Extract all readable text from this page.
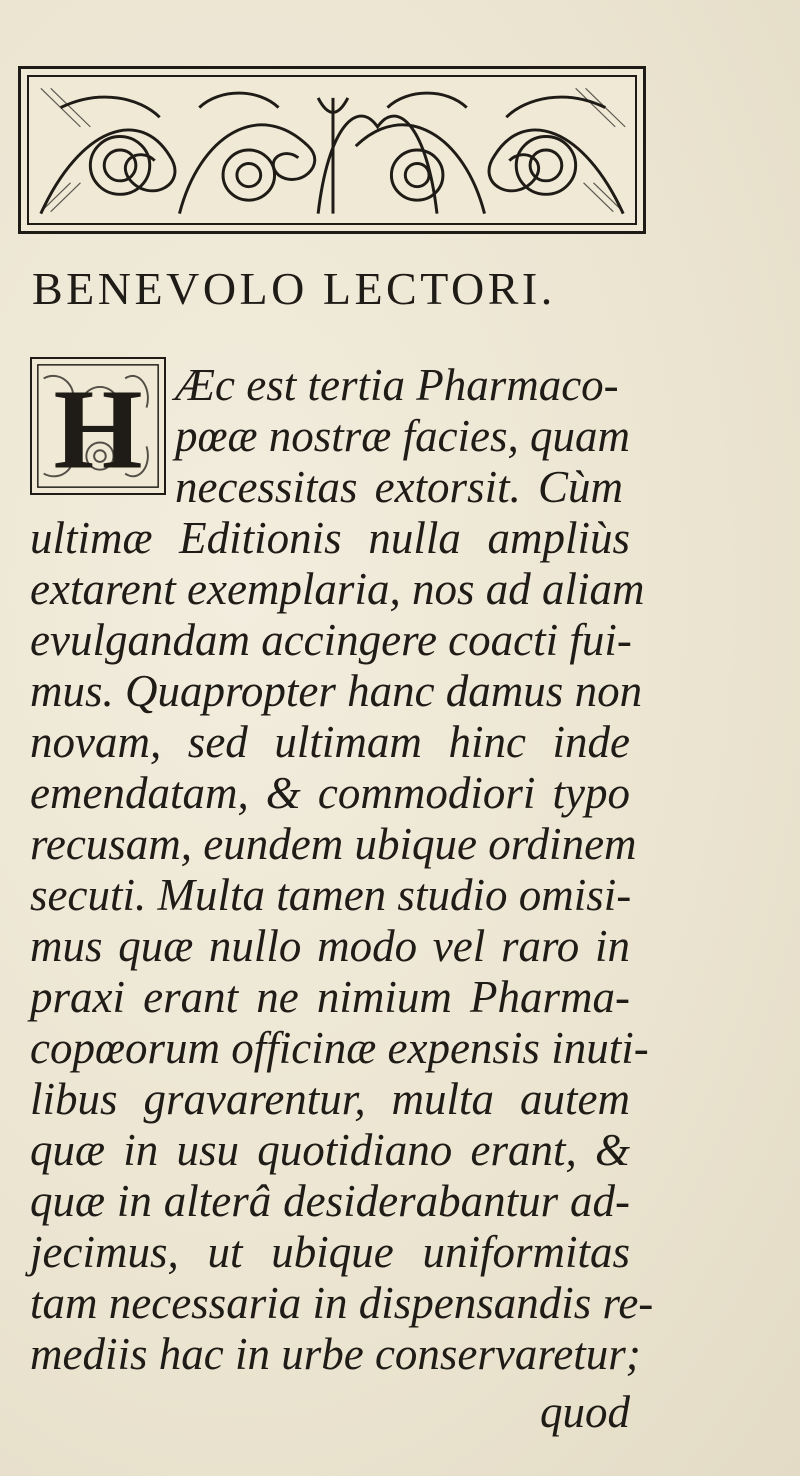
BENEVOLO LECTORI.
H Æc est tertia Pharmaco-

pœæ nostræ facies, quam

necessitas extorsit. Cùm

ultimæ Editionis nulla ampliùs

extarent exemplaria, nos ad aliam

evulgandam accingere coacti fui-

mus. Quapropter hanc damus non

novam, sed ultimam hinc inde

emendatam, & commodiori typo

recusam, eundem ubique ordinem

secuti. Multa tamen studio omisi-

mus quæ nullo modo vel raro in

praxi erant ne nimium Pharma-

copœorum officinæ expensis inuti-

libus gravarentur, multa autem

quæ in usu quotidiano erant, &

quæ in alterâ desiderabantur ad-

jecimus, ut ubique uniformitas

tam necessaria in dispensandis re-

mediis hac in urbe conservaretur;

quod
